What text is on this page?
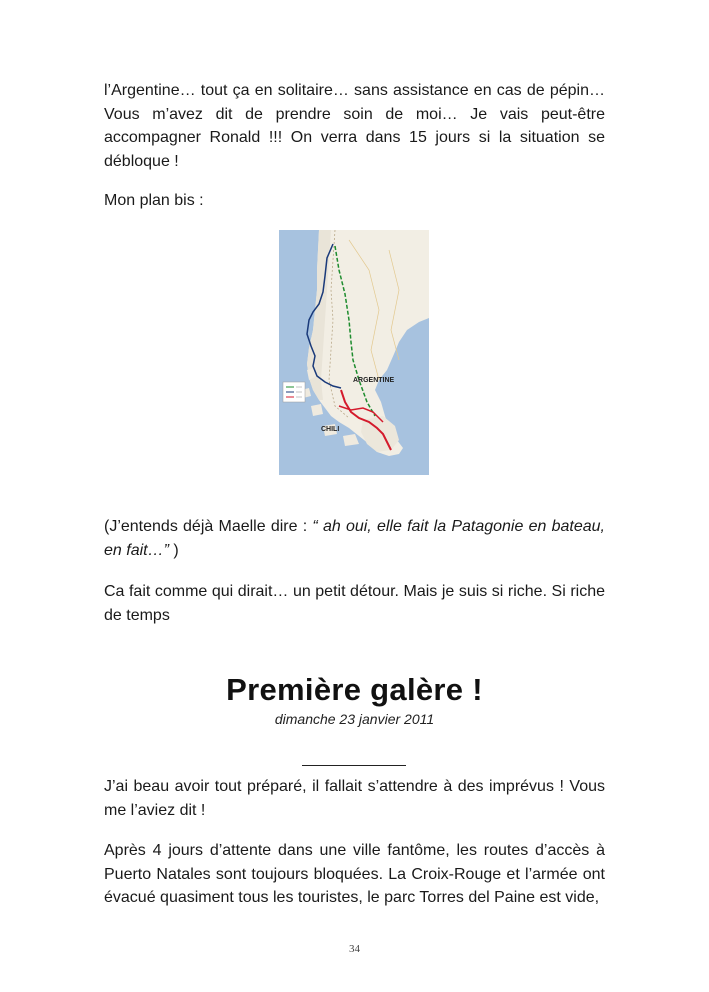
l’Argentine… tout ça en solitaire… sans assistance en cas de pépin… Vous m’avez dit de prendre soin de moi… Je vais peut-être accompagner Ronald !!! On verra dans 15 jours si la situation se débloque !

Mon plan bis :

ARGENTINE
CHILI

(J’entends déjà Maelle dire : “ ah oui, elle fait la Patagonie en bateau, en fait…” )

Ca fait comme qui dirait… un petit détour. Mais je suis si riche. Si riche de temps

Première galère !
dimanche 23 janvier 2011

J’ai beau avoir tout préparé, il fallait s’attendre à des imprévus ! Vous me l’aviez dit !

Après 4 jours d’attente dans une ville fantôme, les routes d’accès à Puerto Natales sont toujours bloquées. La Croix-Rouge et l’armée ont évacué quasiment tous les touristes, le parc Torres del Paine est vide,

34
